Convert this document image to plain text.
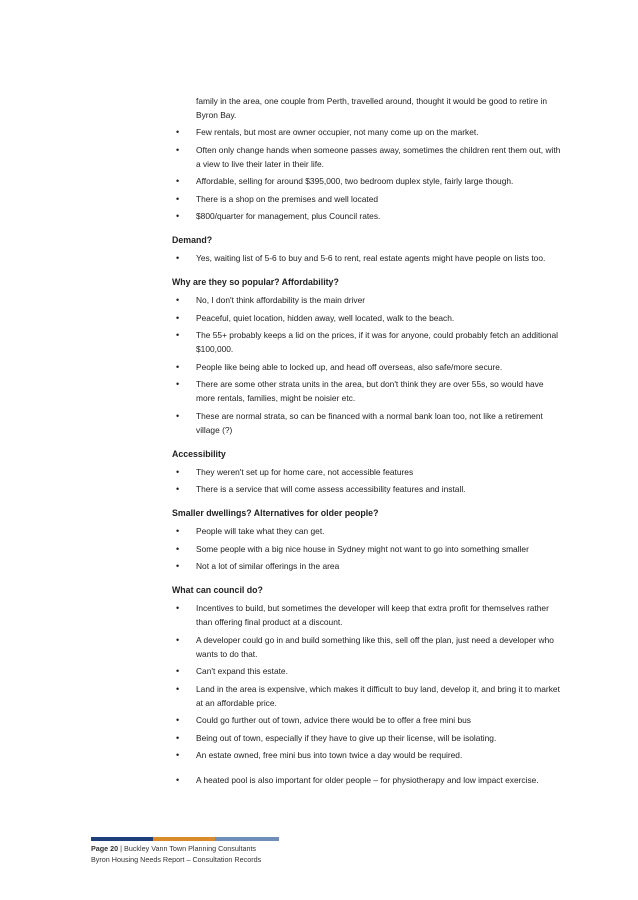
family in the area, one couple from Perth, travelled around, thought it would be good to retire in Byron Bay.
• Few rentals, but most are owner occupier, not many come up on the market.
• Often only change hands when someone passes away, sometimes the children rent them out, with a view to live their later in their life.
• Affordable, selling for around $395,000, two bedroom duplex style, fairly large though.
• There is a shop on the premises and well located
• $800/quarter for management, plus Council rates.
Demand?
• Yes, waiting list of 5-6 to buy and 5-6 to rent, real estate agents might have people on lists too.
Why are they so popular? Affordability?
• No, I don't think affordability is the main driver
• Peaceful, quiet location, hidden away, well located, walk to the beach.
• The 55+ probably keeps a lid on the prices, if it was for anyone, could probably fetch an additional $100,000.
• People like being able to locked up, and head off overseas, also safe/more secure.
• There are some other strata units in the area, but don't think they are over 55s, so would have more rentals, families, might be noisier etc.
• These are normal strata, so can be financed with a normal bank loan too, not like a retirement village (?)
Accessibility
• They weren't set up for home care, not accessible features
• There is a service that will come assess accessibility features and install.
Smaller dwellings? Alternatives for older people?
• People will take what they can get.
• Some people with a big nice house in Sydney might not want to go into something smaller
• Not a lot of similar offerings in the area
What can council do?
• Incentives to build, but sometimes the developer will keep that extra profit for themselves rather than offering final product at a discount.
• A developer could go in and build something like this, sell off the plan, just need a developer who wants to do that.
• Can't expand this estate.
• Land in the area is expensive, which makes it difficult to buy land, develop it, and bring it to market at an affordable price.
• Could go further out of town, advice there would be to offer a free mini bus
• Being out of town, especially if they have to give up their license, will be isolating.
• An estate owned, free mini bus into town twice a day would be required.
• A heated pool is also important for older people – for physiotherapy and low impact exercise.
Page 20 | Buckley Vann Town Planning Consultants
Byron Housing Needs Report – Consultation Records
